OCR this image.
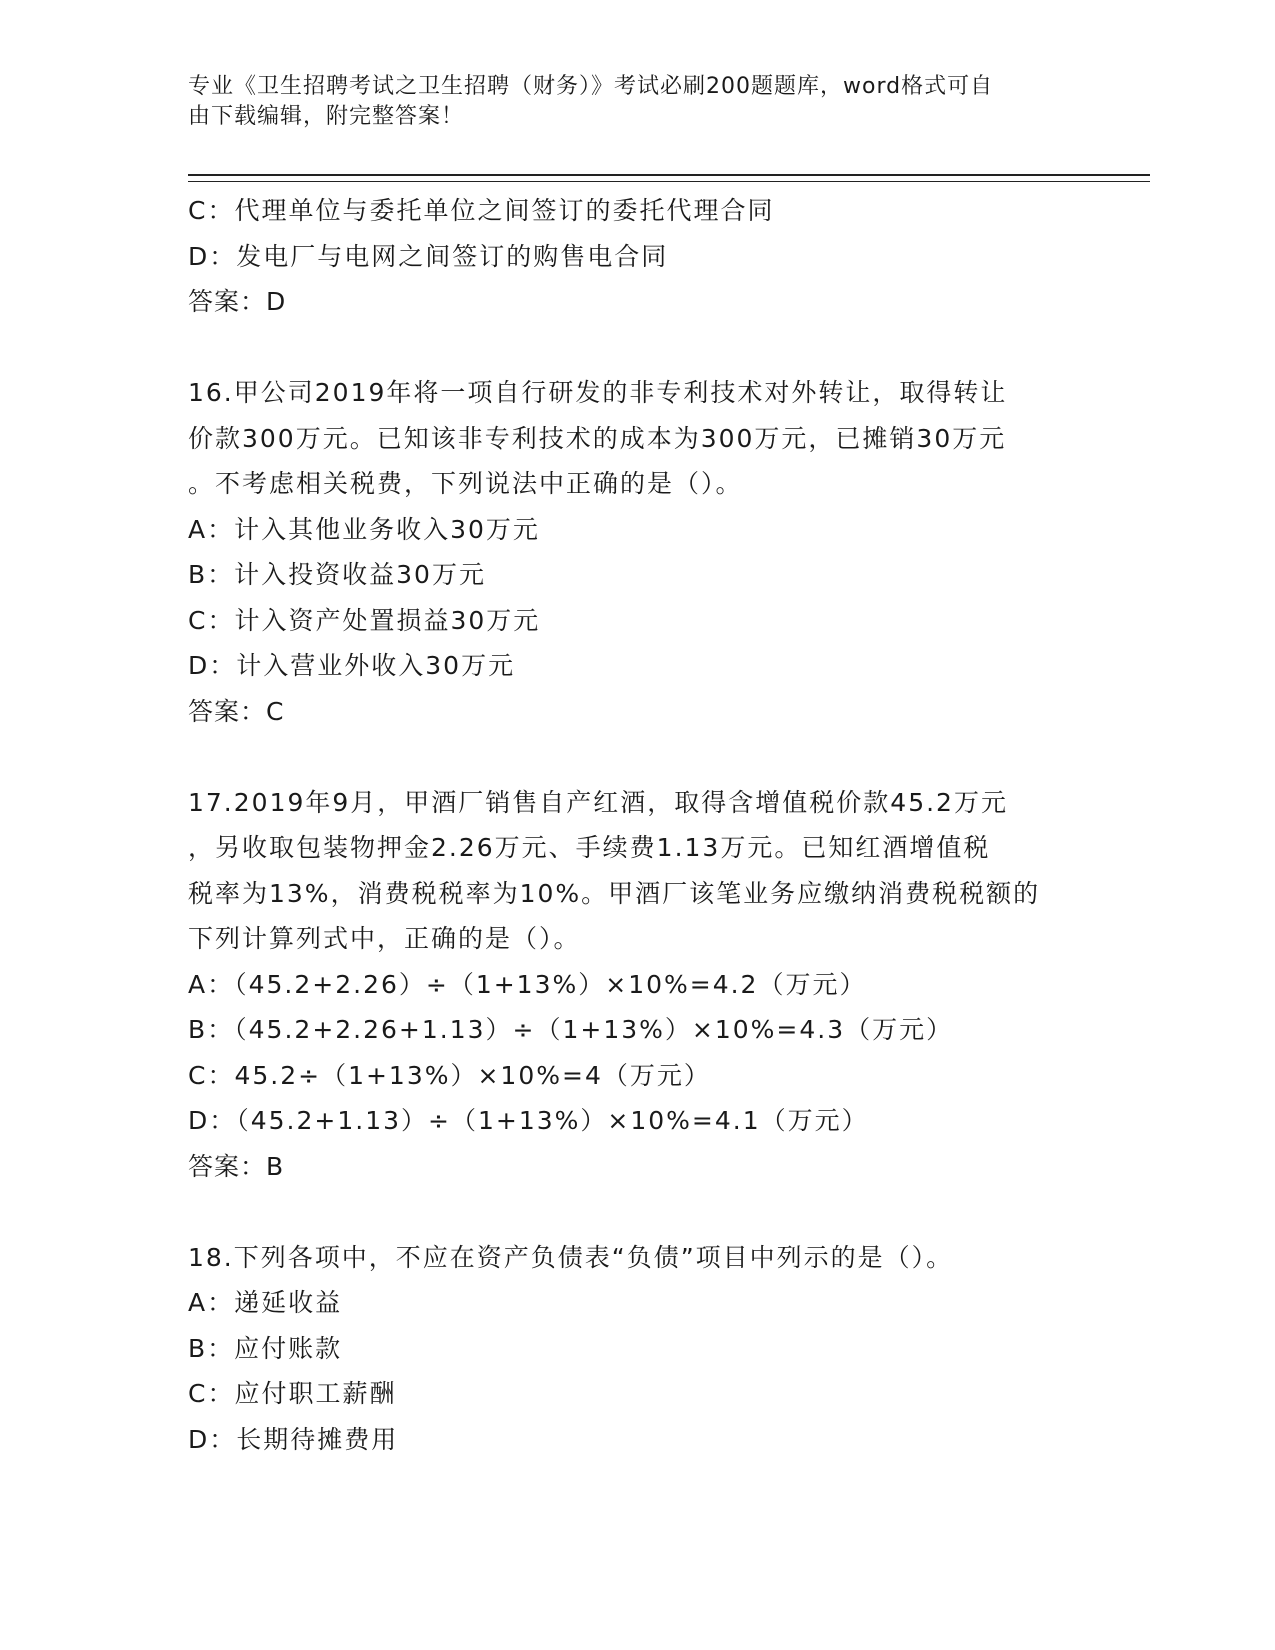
专业《卫生招聘考试之卫生招聘（财务）》考试必刷200题题库，word格式可自
由下载编辑，附完整答案！
C：代理单位与委托单位之间签订的委托代理合同
D：发电厂与电网之间签订的购售电合同
答案：D
16.甲公司2019年将一项自行研发的非专利技术对外转让，取得转让
价款300万元。已知该非专利技术的成本为300万元，已摊销30万元
。不考虑相关税费，下列说法中正确的是（）。
A：计入其他业务收入30万元
B：计入投资收益30万元
C：计入资产处置损益30万元
D：计入营业外收入30万元
答案：C
17.2019年9月，甲酒厂销售自产红酒，取得含增值税价款45.2万元
，另收取包装物押金2.26万元、手续费1.13万元。已知红酒增值税
税率为13%，消费税税率为10%。甲酒厂该笔业务应缴纳消费税税额的
下列计算列式中，正确的是（）。
A：（45.2+2.26）÷（1+13%）×10%=4.2（万元）
B：（45.2+2.26+1.13）÷（1+13%）×10%=4.3（万元）
C：45.2÷（1+13%）×10%=4（万元）
D：（45.2+1.13）÷（1+13%）×10%=4.1（万元）
答案：B
18.下列各项中，不应在资产负债表“负债”项目中列示的是（）。
A：递延收益
B：应付账款
C：应付职工薪酬
D：长期待摊费用
